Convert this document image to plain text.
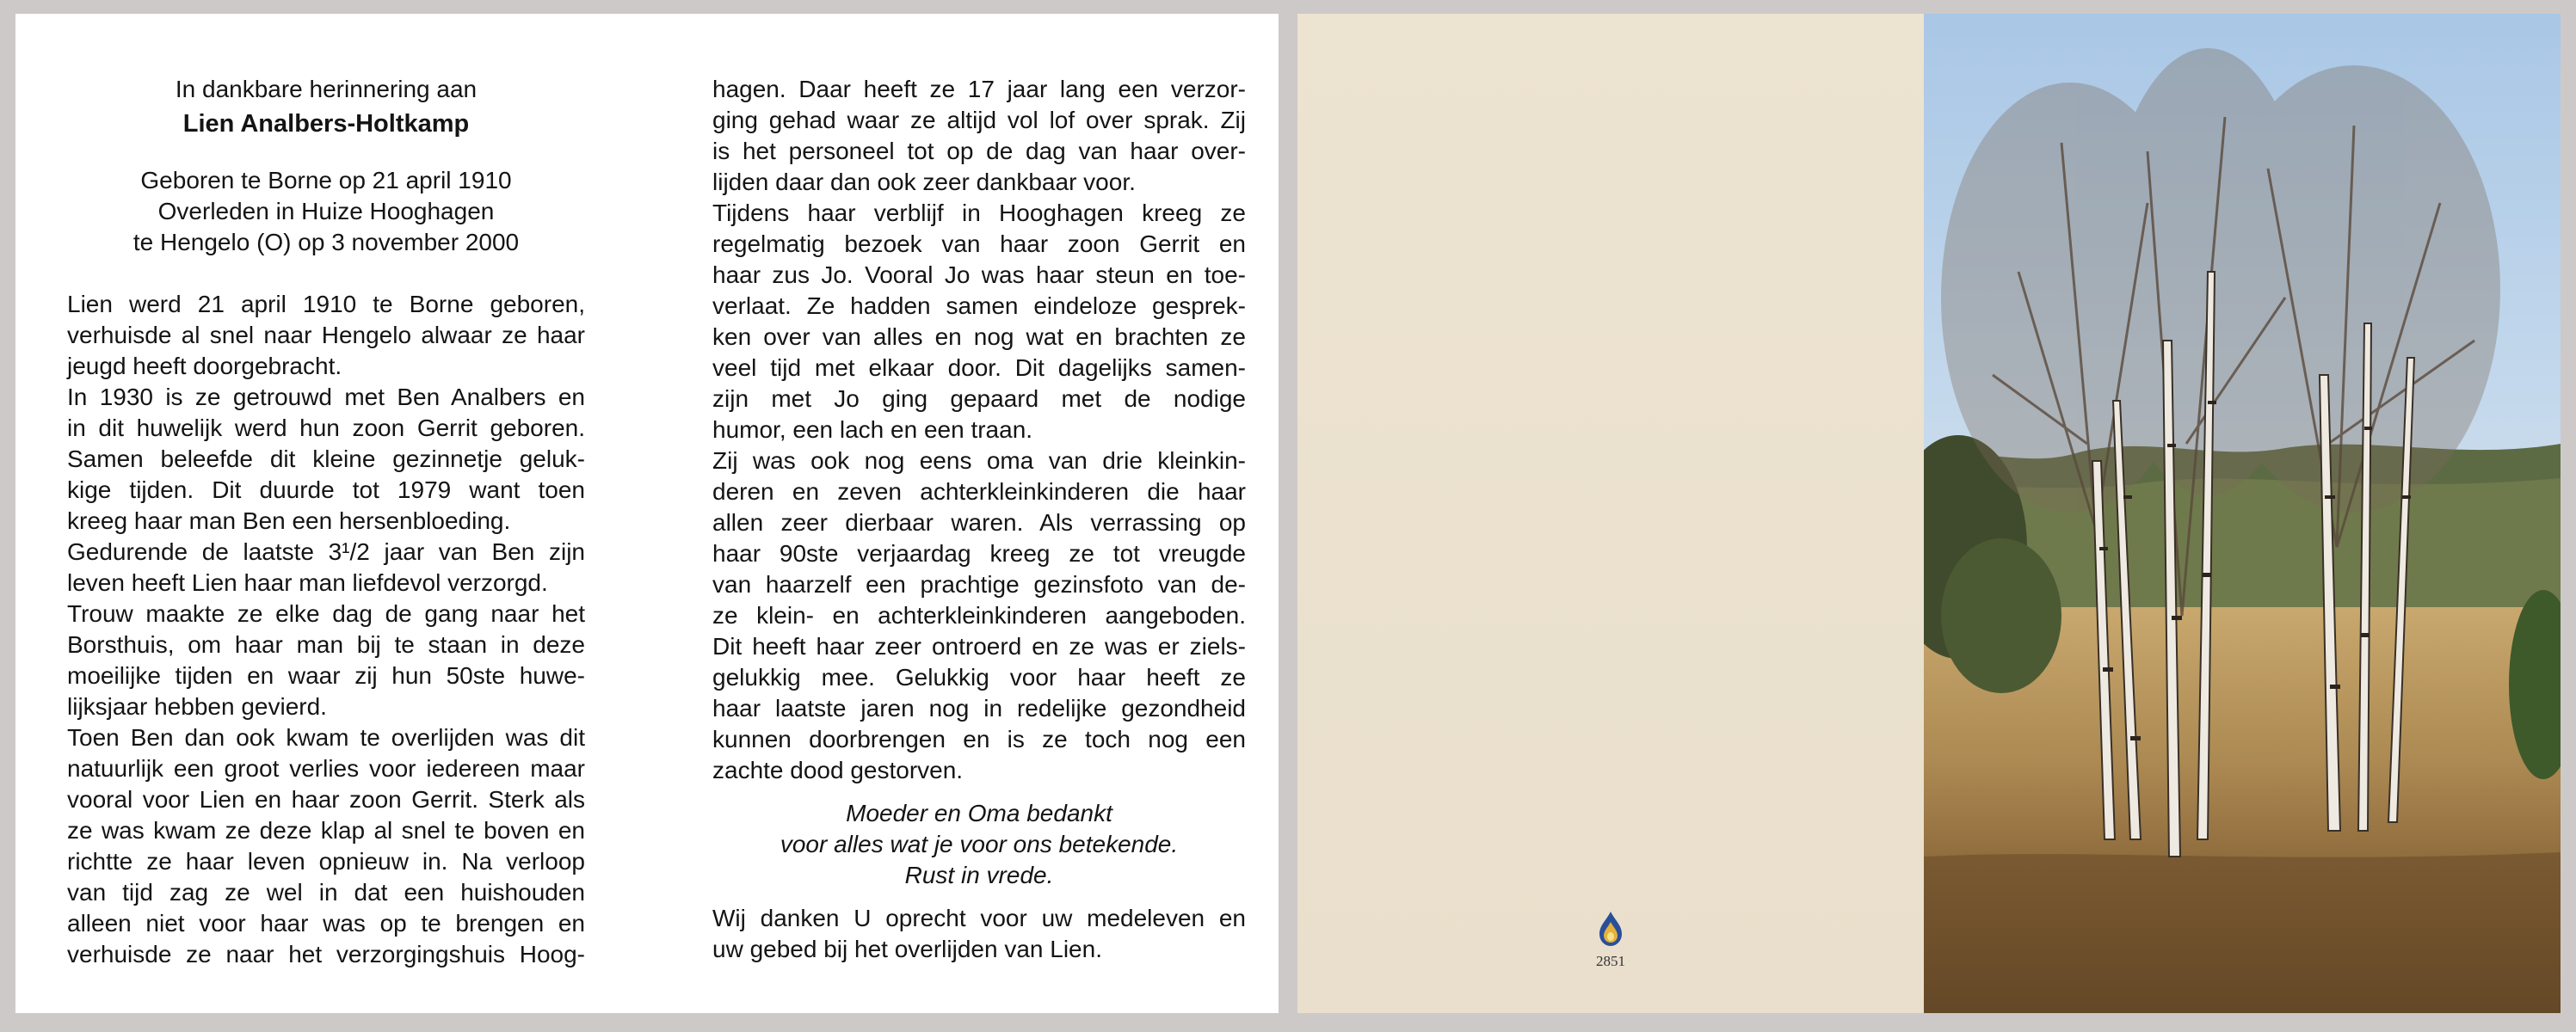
In dankbare herinnering aan
Lien Analbers-Holtkamp
Geboren te Borne op 21 april 1910
Overleden in Huize Hooghagen
te Hengelo (O) op 3 november 2000
Lien werd 21 april 1910 te Borne geboren,
verhuisde al snel naar Hengelo alwaar ze haar
jeugd heeft doorgebracht.
In 1930 is ze getrouwd met Ben Analbers en
in dit huwelijk werd hun zoon Gerrit geboren.
Samen beleefde dit kleine gezinnetje geluk-
kige tijden. Dit duurde tot 1979 want toen
kreeg haar man Ben een hersenbloeding.
Gedurende de laatste 3¹/2 jaar van Ben zijn
leven heeft Lien haar man liefdevol verzorgd.
Trouw maakte ze elke dag de gang naar het
Borsthuis, om haar man bij te staan in deze
moeilijke tijden en waar zij hun 50ste huwe-
lijksjaar hebben gevierd.
Toen Ben dan ook kwam te overlijden was dit
natuurlijk een groot verlies voor iedereen maar
vooral voor Lien en haar zoon Gerrit. Sterk als
ze was kwam ze deze klap al snel te boven en
richtte ze haar leven opnieuw in. Na verloop
van tijd zag ze wel in dat een huishouden
alleen niet voor haar was op te brengen en
verhuisde ze naar het verzorgingshuis Hoog-
hagen. Daar heeft ze 17 jaar lang een verzor-
ging gehad waar ze altijd vol lof over sprak. Zij
is het personeel tot op de dag van haar over-
lijden daar dan ook zeer dankbaar voor.
Tijdens haar verblijf in Hooghagen kreeg ze
regelmatig bezoek van haar zoon Gerrit en
haar zus Jo. Vooral Jo was haar steun en toe-
verlaat. Ze hadden samen eindeloze gesprek-
ken over van alles en nog wat en brachten ze
veel tijd met elkaar door. Dit dagelijks samen-
zijn met Jo ging gepaard met de nodige
humor, een lach en een traan.
Zij was ook nog eens oma van drie kleinkin-
deren en zeven achterkleinkinderen die haar
allen zeer dierbaar waren. Als verrassing op
haar 90ste verjaardag kreeg ze tot vreugde
van haarzelf een prachtige gezinsfoto van de-
ze klein- en achterkleinkinderen aangeboden.
Dit heeft haar zeer ontroerd en ze was er ziels-
gelukkig mee. Gelukkig voor haar heeft ze
haar laatste jaren nog in redelijke gezondheid
kunnen doorbrengen en is ze toch nog een
zachte dood gestorven.
Moeder en Oma bedankt
voor alles wat je voor ons betekende.
Rust in vrede.
Wij danken U oprecht voor uw medeleven en
uw gebed bij het overlijden van Lien.	2851
